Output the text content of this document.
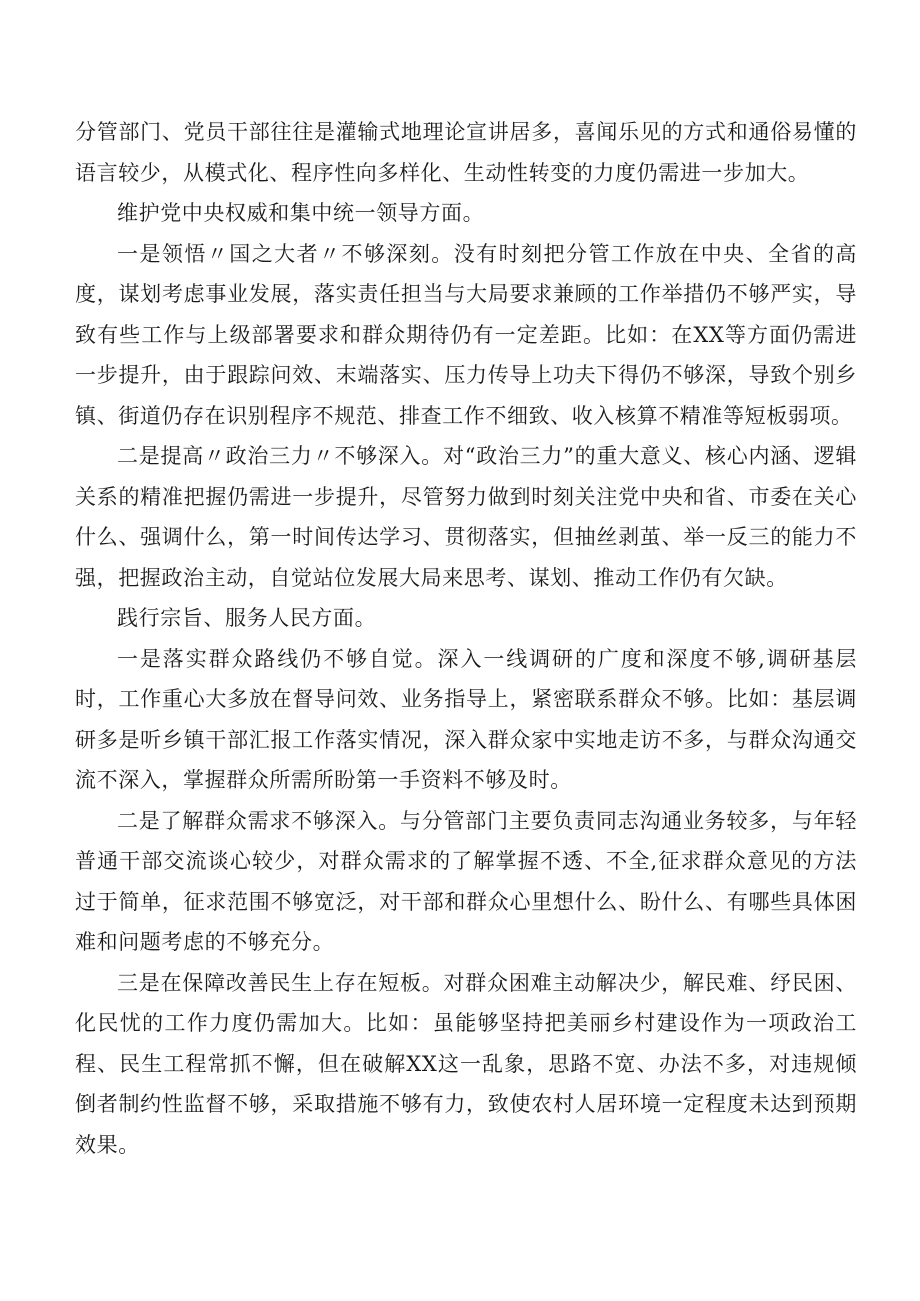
分管部门、党员干部往往是灌输式地理论宣讲居多，喜闻乐见的方式和通俗易懂的语言较少，从模式化、程序性向多样化、生动性转变的力度仍需进一步加大。

维护党中央权威和集中统一领导方面。

一是领悟〃国之大者〃不够深刻。没有时刻把分管工作放在中央、全省的高度，谋划考虑事业发展，落实责任担当与大局要求兼顾的工作举措仍不够严实，导致有些工作与上级部署要求和群众期待仍有一定差距。比如：在XX等方面仍需进一步提升，由于跟踪问效、末端落实、压力传导上功夫下得仍不够深，导致个别乡镇、街道仍存在识别程序不规范、排查工作不细致、收入核算不精准等短板弱项。

二是提高〃政治三力〃不够深入。对“政治三力”的重大意义、核心内涵、逻辑关系的精准把握仍需进一步提升，尽管努力做到时刻关注党中央和省、市委在关心什么、强调什么，第一时间传达学习、贯彻落实，但抽丝剥茧、举一反三的能力不强，把握政治主动，自觉站位发展大局来思考、谋划、推动工作仍有欠缺。

践行宗旨、服务人民方面。

一是落实群众路线仍不够自觉。深入一线调研的广度和深度不够,调研基层时，工作重心大多放在督导问效、业务指导上，紧密联系群众不够。比如：基层调研多是听乡镇干部汇报工作落实情况，深入群众家中实地走访不多，与群众沟通交流不深入，掌握群众所需所盼第一手资料不够及时。

二是了解群众需求不够深入。与分管部门主要负责同志沟通业务较多，与年轻普通干部交流谈心较少，对群众需求的了解掌握不透、不全,征求群众意见的方法过于简单，征求范围不够宽泛，对干部和群众心里想什么、盼什么、有哪些具体困难和问题考虑的不够充分。

三是在保障改善民生上存在短板。对群众困难主动解决少，解民难、纾民困、化民忧的工作力度仍需加大。比如：虽能够坚持把美丽乡村建设作为一项政治工程、民生工程常抓不懈，但在破解XX这一乱象，思路不宽、办法不多，对违规倾倒者制约性监督不够，采取措施不够有力，致使农村人居环境一定程度未达到预期效果。
